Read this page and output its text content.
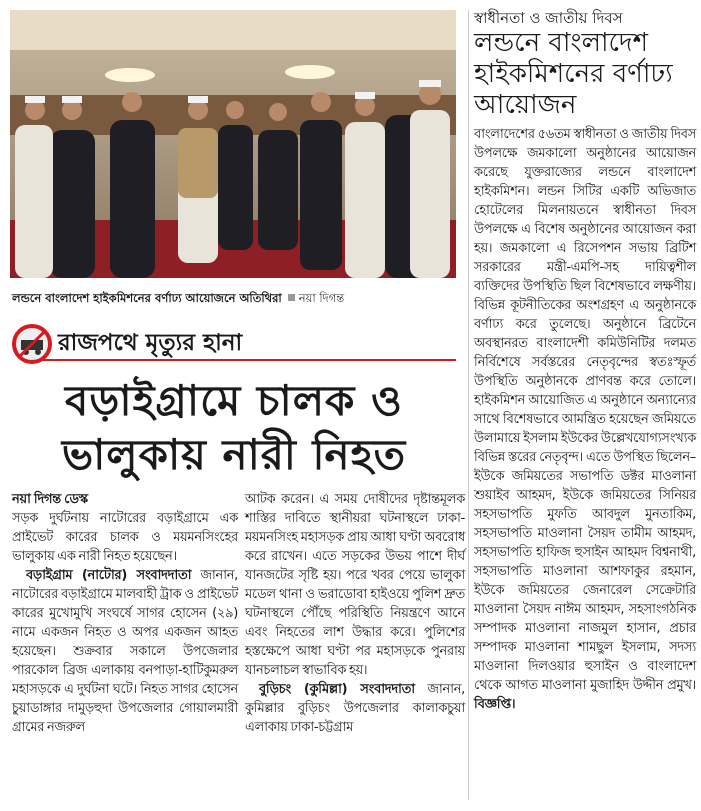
লন্ডনে বাংলাদেশ হাইকমিশনের বর্ণাঢ্য আয়োজনে অতিথিরা নয়া দিগন্ত
রাজপথে মৃত্যুর হানা
বড়াইগ্রামে চালক ও
ভালুকায় নারী নিহত

নয়া দিগন্ত ডেস্ক

সড়ক দুর্ঘটনায় নাটোরের বড়াইগ্রামে এক প্রাইভেট কারের চালক ও ময়মনসিংহের ভালুকায় এক নারী নিহত হয়েছেন।

বড়াইগ্রাম (নাটোর) সংবাদদাতা জানান, নাটোরের বড়াইগ্রামে মালবাহী ট্রাক ও প্রাইভেট কারের মুখোমুখি সংঘর্ষে সাগর হোসেন (২৯) নামে একজন নিহত ও অপর একজন আহত হয়েছেন। শুক্রবার সকালে উপজেলার পারকোল ব্রিজ এলাকায় বনপাড়া-হাটিকুমরুল মহাসড়কে এ দুর্ঘটনা ঘটে। নিহত সাগর হোসেন চুয়াডাঙ্গার দামুড়হুদা উপজেলার গোয়ালমারী গ্রামের নজরুল

আটক করেন। এ সময় দোষীদের দৃষ্টান্তমূলক শাস্তির দাবিতে স্থানীয়রা ঘটনাস্থলে ঢাকা-ময়মনসিংহ মহাসড়ক প্রায় আধা ঘণ্টা অবরোধ করে রাখেন। এতে সড়কের উভয় পাশে দীর্ঘ যানজটের সৃষ্টি হয়। পরে খবর পেয়ে ভালুকা মডেল থানা ও ভরাডোবা হাইওয়ে পুলিশ দ্রুত ঘটনাস্থলে পৌঁছে পরিস্থিতি নিয়ন্ত্রণে আনে এবং নিহতের লাশ উদ্ধার করে। পুলিশের হস্তক্ষেপে আধা ঘণ্টা পর মহাসড়কে পুনরায় যানচলাচল স্বাভাবিক হয়।

বুড়িচং (কুমিল্লা) সংবাদদাতা জানান, কুমিল্লার বুড়িচং উপজেলার কালাকচুয়া এলাকায় ঢাকা-চট্টগ্রাম

স্বাধীনতা ও জাতীয় দিবস
লন্ডনে বাংলাদেশ হাইকমিশনের বর্ণাঢ্য আয়োজন

বাংলাদেশের ৫৬তম স্বাধীনতা ও জাতীয় দিবস উপলক্ষে জমকালো অনুষ্ঠানের আয়োজন করেছে যুক্তরাজ্যের লন্ডনে বাংলাদেশ হাইকমিশন। লন্ডন সিটির একটি অভিজাত হোটেলের মিলনায়তনে স্বাধীনতা দিবস উপলক্ষে এ বিশেষ অনুষ্ঠানের আয়োজন করা হয়। জমকালো এ রিসেপশন সভায় ব্রিটিশ সরকারের মন্ত্রী-এমপি-সহ দায়িত্বশীল ব্যক্তিদের উপস্থিতি ছিল বিশেষভাবে লক্ষণীয়। বিভিন্ন কূটনীতিকের অংশগ্রহণ এ অনুষ্ঠানকে বর্ণাঢ্য করে তুলেছে। অনুষ্ঠানে ব্রিটেনে অবস্থানরত বাংলাদেশী কমিউনিটির দলমত নির্বিশেষে সর্বস্তরের নেতৃবৃন্দের স্বতঃস্ফূর্ত উপস্থিতি অনুষ্ঠানকে প্রাণবন্ত করে তোলে। হাইকমিশন আয়োজিত এ অনুষ্ঠানে অন্যান্যের সাথে বিশেষভাবে আমন্ত্রিত হয়েছেন জমিয়তে উলামায়ে ইসলাম ইউকের উল্লেখযোগ্যসংখ্যক বিভিন্ন স্তরের নেতৃবৃন্দ। এতে উপস্থিত ছিলেন– ইউকে জমিয়তের সভাপতি ডক্টর মাওলানা শুয়াইব আহমদ, ইউকে জমিয়তের সিনিয়র সহসভাপতি মুফতি আবদুল মুনতাকিম, সহসভাপতি মাওলানা সৈয়দ তামীম আহমদ, সহসভাপতি হাফিজ হুসাইন আহমদ বিশ্বনাথী, সহসভাপতি মাওলানা আশফাকুর রহমান, ইউকে জমিয়তের জেনারেল সেক্রেটারি মাওলানা সৈয়দ নাঈম আহমদ, সহসাংগঠনিক সম্পাদক মাওলানা নাজমুল হাসান, প্রচার সম্পাদক মাওলানা শামছুল ইসলাম, সদস্য মাওলানা দিলওয়ার হুসাইন ও বাংলাদেশ থেকে আগত মাওলানা মুজাহিদ উদ্দীন প্রমুখ। বিজ্ঞপ্তি।
